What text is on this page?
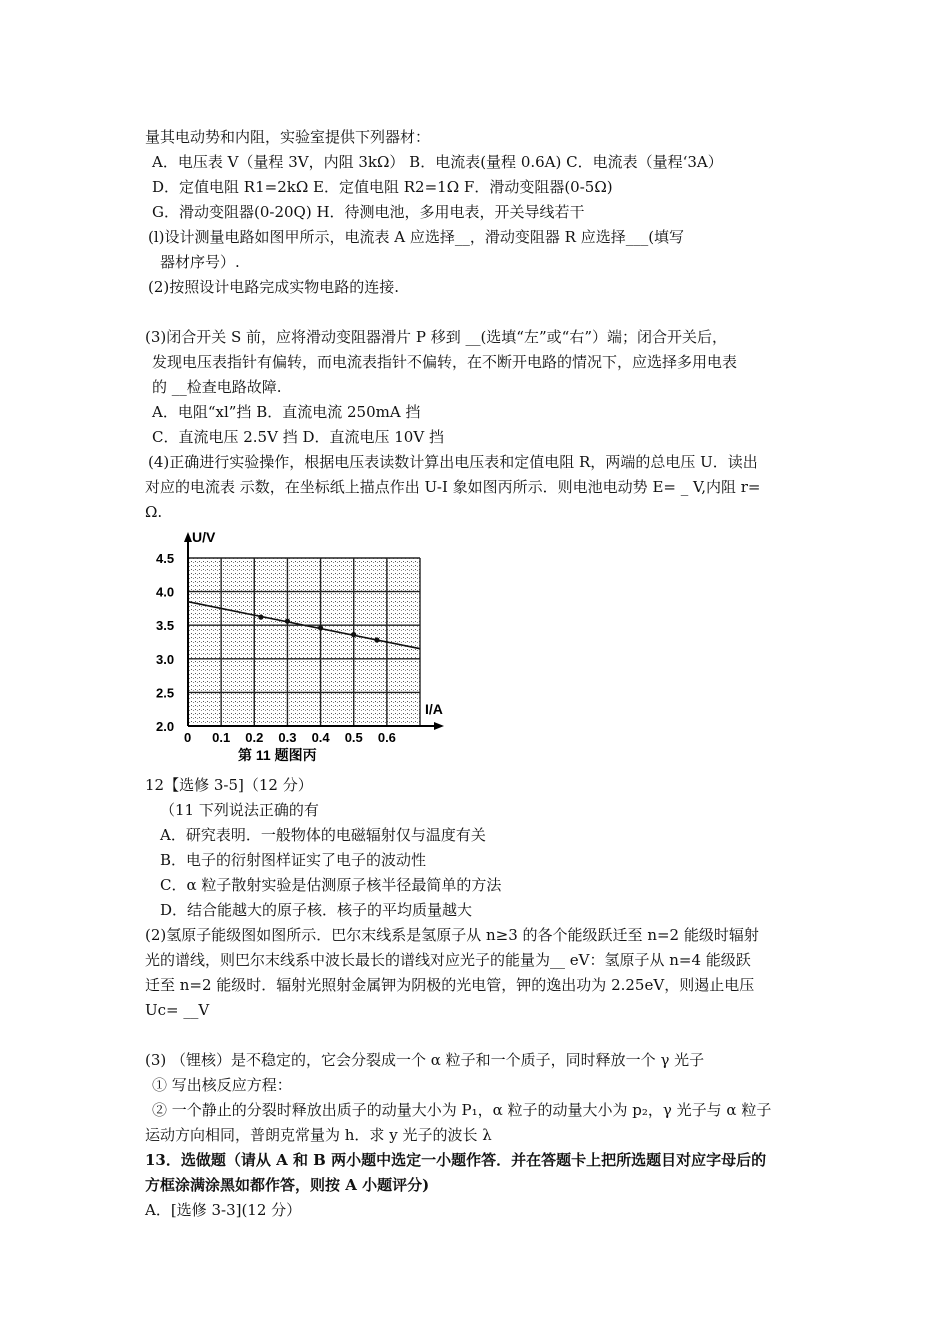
量其电动势和内阻，实验室提供下列器材：
A．电压表 V（量程 3V，内阻 3kΩ） B．电流表(量程 0.6A) C．电流表（量程‘3A）
D．定值电阻 R1=2kΩ E．定值电阻 R2=1Ω F．滑动变阻器(0-5Ω)
G．滑动变阻器(0-20Q) H．待测电池，多用电表，开关导线若干
(l)设计测量电路如图甲所示，电流表 A 应选择__，滑动变阻器 R 应选择___(填写
器材序号）.
(2)按照设计电路完成实物电路的连接.
(3)闭合开关 S 前，应将滑动变阻器滑片 P 移到 __(选填“左”或“右”）端；闭合开关后，
发现电压表指针有偏转，而电流表指针不偏转，在不断开电路的情况下，应选择多用电表
的 __检查电路故障.
A．电阻“xl”挡 B．直流电流 250mA 挡
C．直流电压 2.5V 挡 D．直流电压 10V 挡
(4)正确进行实验操作，根据电压表读数计算出电压表和定值电阻 R，两端的总电压 U．读出
对应的电流表 示数，在坐标纸上描点作出 U-I 象如图丙所示．则电池电动势 E= _ V,内阻 r=
Ω.
12【选修 3-5]（12 分）
（11 下列说法正确的有
A．研究表明．一般物体的电磁辐射仅与温度有关
B．电子的衍射图样证实了电子的波动性
C．α 粒子散射实验是估测原子核半径最简单的方法
D．结合能越大的原子核．核子的平均质量越大
(2)氢原子能级图如图所示．巴尔末线系是氢原子从 n≥3 的各个能级跃迁至 n=2 能级时辐射
光的谱线，则巴尔末线系中波长最长的谱线对应光子的能量为__ eV：氢原子从 n=4 能级跃
迁至 n=2 能级时．辐射光照射金属钾为阴极的光电管，钾的逸出功为 2.25eV，则遏止电压
Uc= __V
(3) （锂核）是不稳定的，它会分裂成一个 α 粒子和一个质子，同时释放一个 γ 光子
① 写出核反应方程：
② 一个静止的分裂时释放出质子的动量大小为 P₁，α 粒子的动量大小为 p₂，γ 光子与 α 粒子
运动方向相同，普朗克常量为 h．求 y 光子的波长 λ
13．选做题（请从 A 和 B 两小题中选定一小题作答．并在答题卡上把所选题目对应字母后的
方框涂满涂黑如都作答，则按 A 小题评分)
A．[选修 3-3](12 分）
0 0.1 0.2 0.3 0.4 0.5 0.6
2.0
2.5
3.0
3.5
4.0
4.5
U/V
I/A
第 11 题图丙
